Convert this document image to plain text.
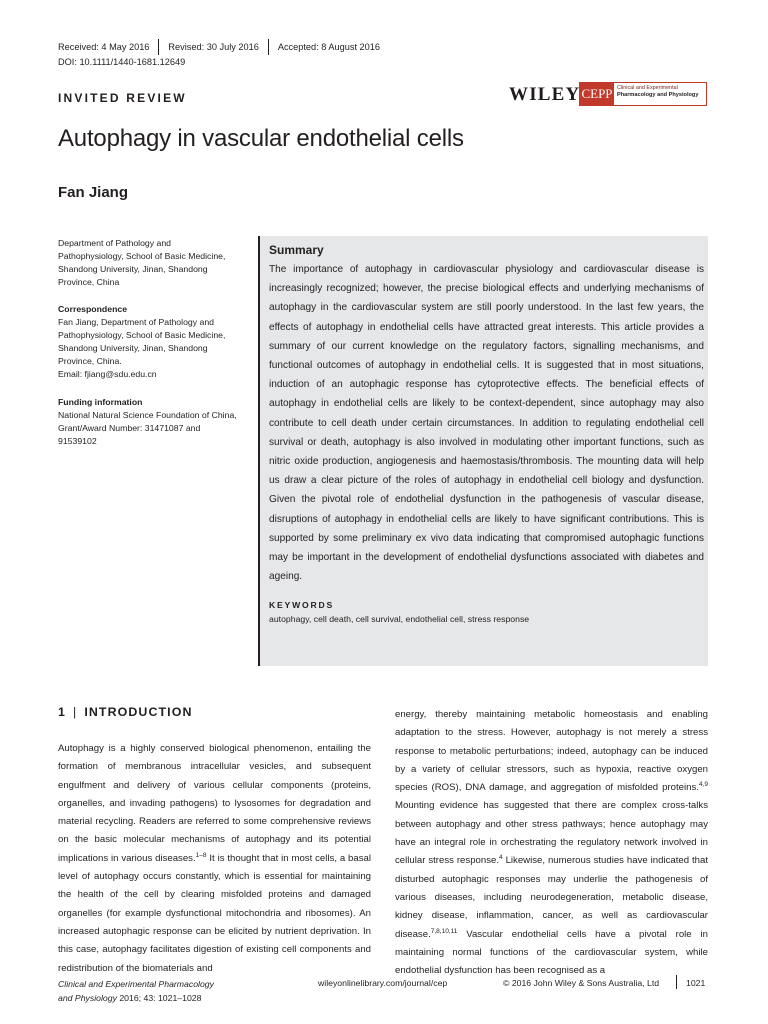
Received: 4 May 2016	Revised: 30 July 2016	Accepted: 8 August 2016
DOI: 10.1111/1440-1681.12649
INVITED REVIEW	WILEY CEPP Clinical and Experimental
Pharmacology and Physiology
Autophagy in vascular endothelial cells
Fan Jiang
Department of Pathology and Pathophysiology, School of Basic Medicine, Shandong University, Jinan, Shandong Province, China
Correspondence
Fan Jiang, Department of Pathology and Pathophysiology, School of Basic Medicine, Shandong University, Jinan, Shandong Province, China.
Email: fjiang@sdu.edu.cn
Funding information
National Natural Science Foundation of China, Grant/Award Number: 31471087 and 91539102
Summary

The importance of autophagy in cardiovascular physiology and cardiovascular disease is increasingly recognized; however, the precise biological effects and underlying mechanisms of autophagy in the cardiovascular system are still poorly understood. In the last few years, the effects of autophagy in endothelial cells have attracted great interests. This article provides a summary of our current knowledge on the regulatory factors, signalling mechanisms, and functional outcomes of autophagy in endothelial cells. It is suggested that in most situations, induction of an autophagic response has cytoprotective effects. The beneficial effects of autophagy in endothelial cells are likely to be context-dependent, since autophagy may also contribute to cell death under certain circumstances. In addition to regulating endothelial cell survival or death, autophagy is also involved in modulating other important functions, such as nitric oxide production, angiogenesis and haemostasis/thrombosis. The mounting data will help us draw a clear picture of the roles of autophagy in endothelial cell biology and dysfunction. Given the pivotal role of endothelial dysfunction in the pathogenesis of vascular disease, disruptions of autophagy in endothelial cells are likely to have significant contributions. This is supported by some preliminary ex vivo data indicating that compromised autophagic functions may be important in the development of endothelial dysfunctions associated with diabetes and ageing.

KEYWORDS
autophagy, cell death, cell survival, endothelial cell, stress response
1 | INTRODUCTION

Autophagy is a highly conserved biological phenomenon, entailing the formation of membranous intracellular vesicles, and subsequent engulfment and delivery of various cellular components (proteins, organelles, and invading pathogens) to lysosomes for degradation and material recycling. Readers are referred to some comprehensive reviews on the basic molecular mechanisms of autophagy and its potential implications in various diseases.$^{1-8}$ It is thought that in most cells, a basal level of autophagy occurs constantly, which is essential for maintaining the health of the cell by clearing misfolded proteins and damaged organelles (for example dysfunctional mitochondria and ribosomes). An increased autophagic response can be elicited by nutrient deprivation. In this case, autophagy facilitates digestion of existing cell components and redistribution of the biomaterials and

energy, thereby maintaining metabolic homeostasis and enabling adaptation to the stress. However, autophagy is not merely a stress response to metabolic perturbations; indeed, autophagy can be induced by a variety of cellular stressors, such as hypoxia, reactive oxygen species (ROS), DNA damage, and aggregation of misfolded proteins.$^{4,9}$ Mounting evidence has suggested that there are complex cross-talks between autophagy and other stress pathways; hence autophagy may have an integral role in orchestrating the regulatory network involved in cellular stress response.$^4$ Likewise, numerous studies have indicated that disturbed autophagic responses may underlie the pathogenesis of various diseases, including neurodegeneration, metabolic disease, kidney disease, inflammation, cancer, as well as cardiovascular disease.$^{7,8,10,11}$ Vascular endothelial cells have a pivotal role in maintaining normal functions of the cardiovascular system, while endothelial dysfunction has been recognised as a

Clinical and Experimental Pharmacology
and Physiology 2016; 43: 1021–1028
wileyonlinelibrary.com/journal/cep	© 2016 John Wiley & Sons Australia, Ltd	1021
